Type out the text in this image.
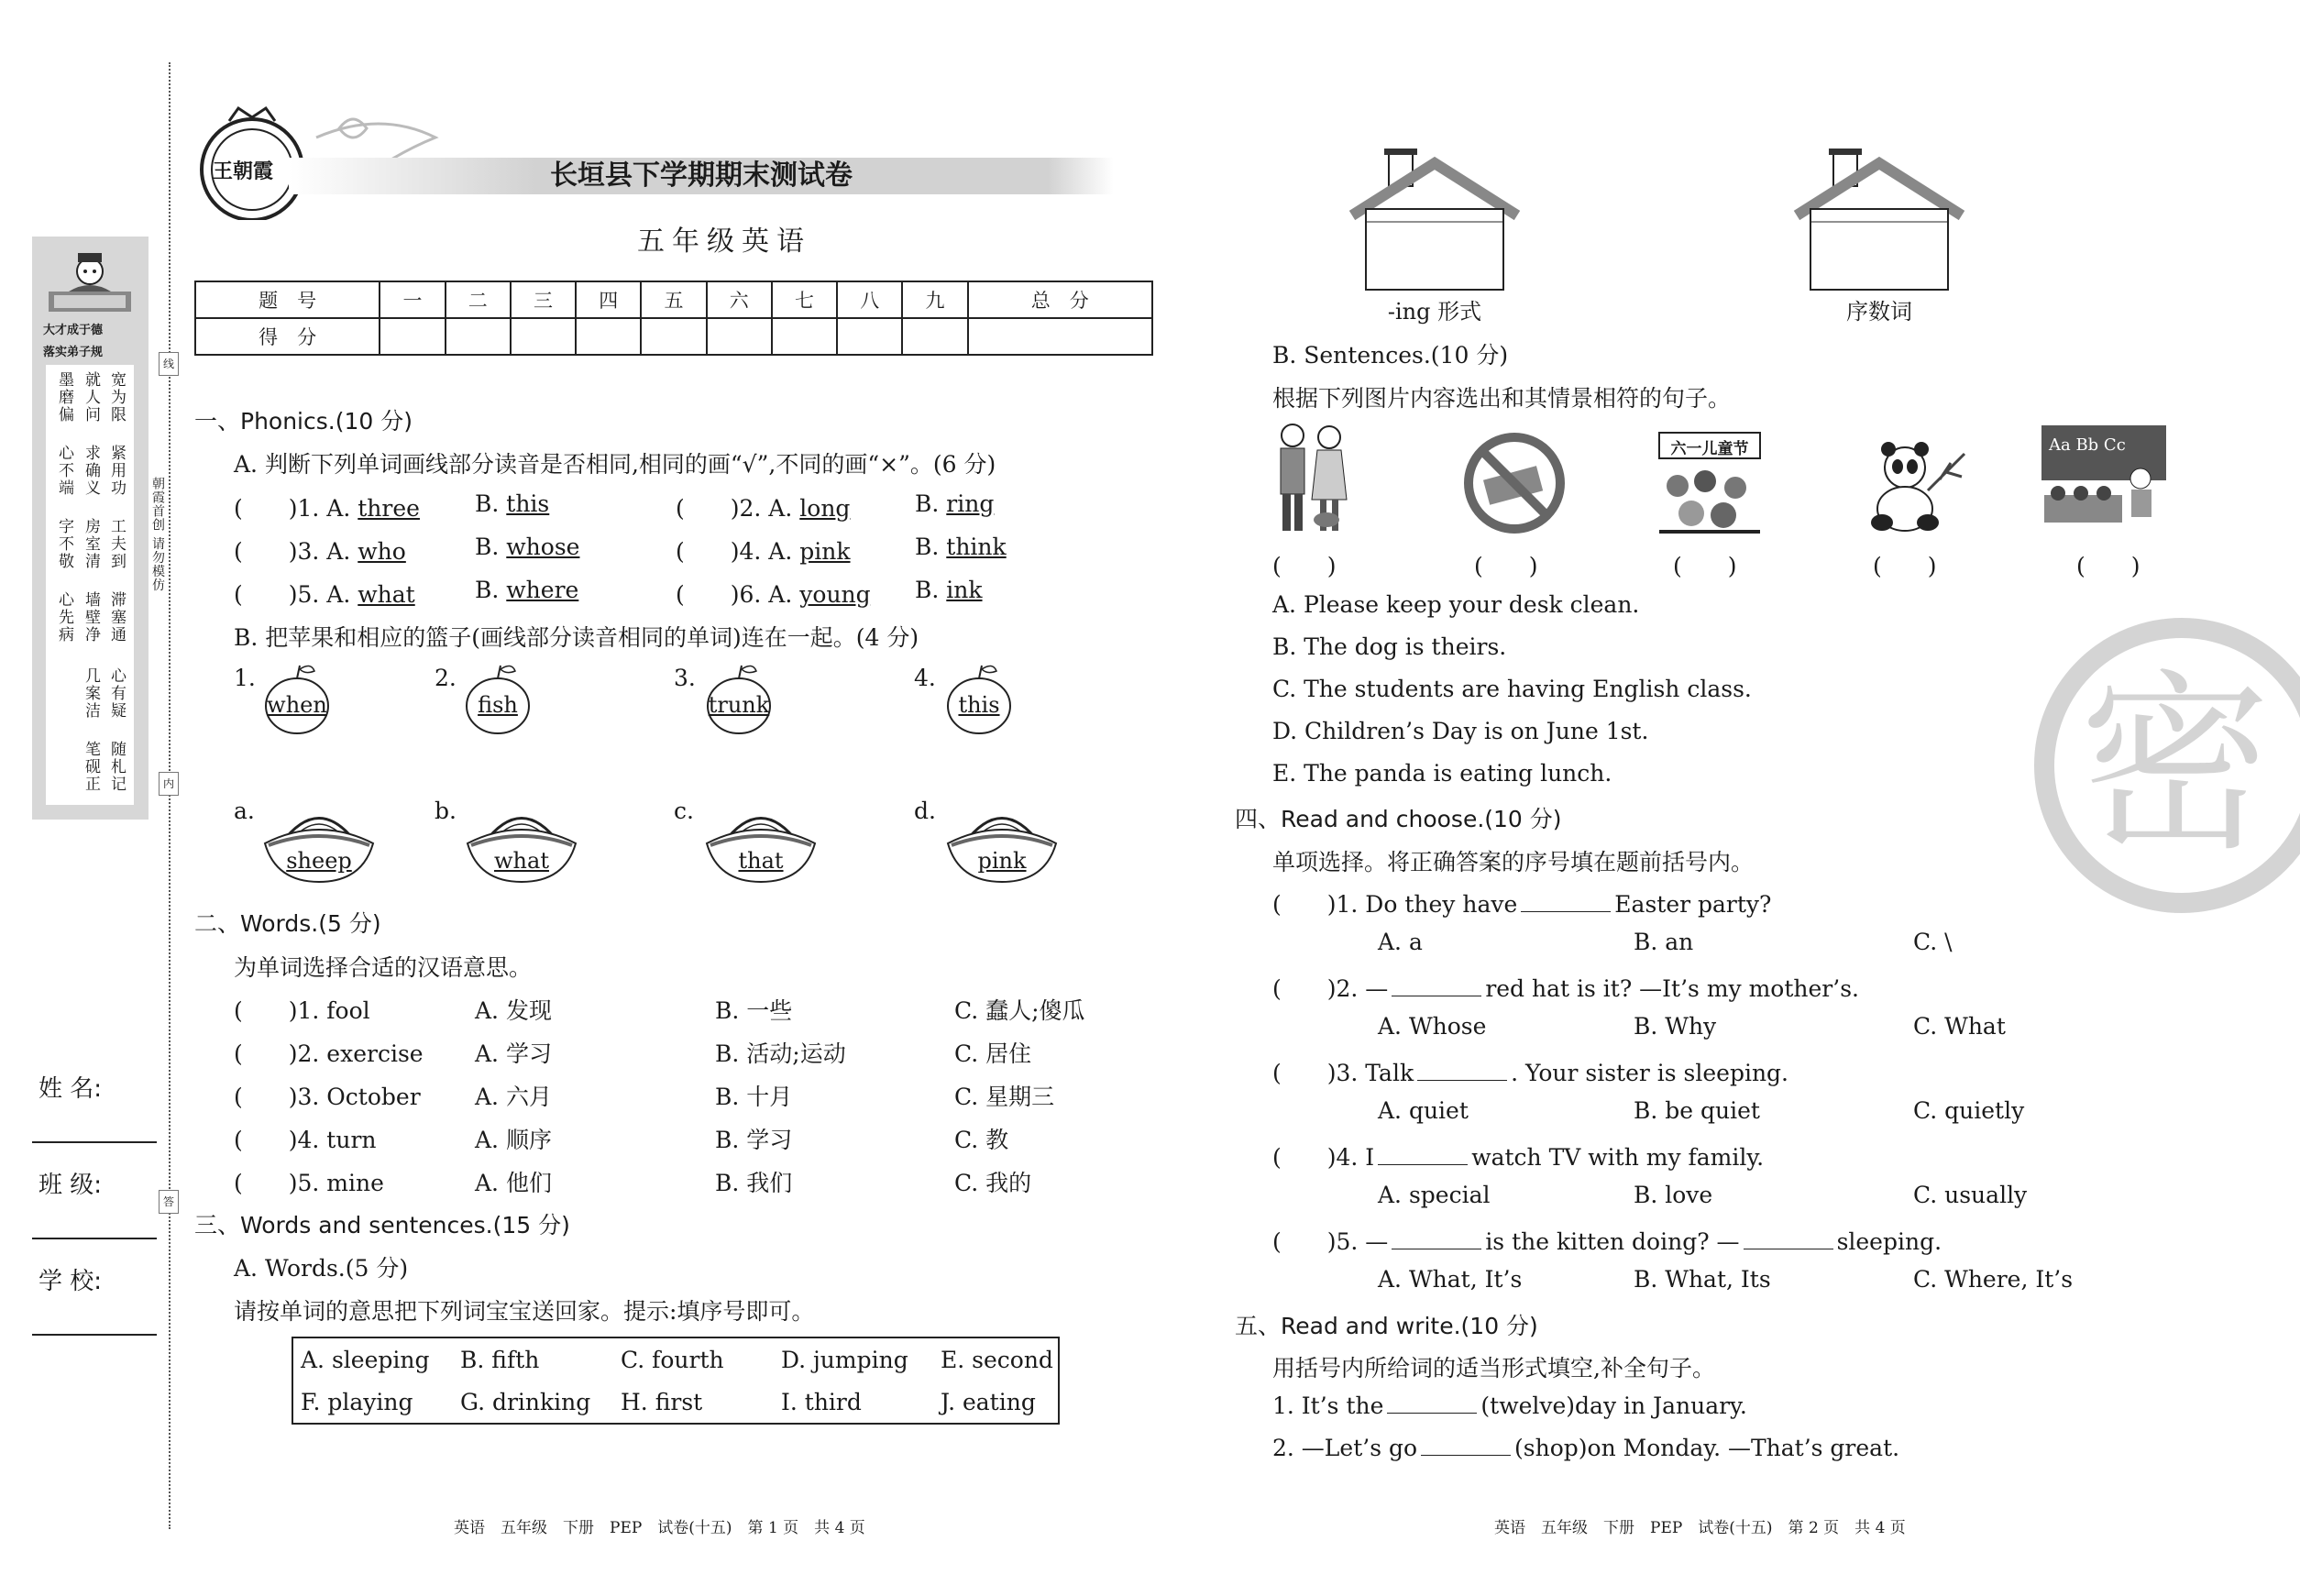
大才成于德
落实弟子规
宽为限
紧用功
就人问
求确义
墨磨偏
心不端
工夫到
滞塞通
房室清
墙壁净
字不敬
心先病
心有疑
随札记
几案洁
笔砚正
朝霞首创 请勿模仿
线
内
答
姓 名:
班 级:
学 校:
王朝霞	长垣县下学期期末测试卷
五年级英语
题　号	一	二	三	四	五	六	七	八	九	总　分
得　分										
一、Phonics.(10 分)
A. 判断下列单词画线部分读音是否相同,相同的画“√”,不同的画“×”。(6 分)
(　　)1. A. three B. this	(　　)2. A. long	B. ring
(　　)3. A. who	B. whose	(　　)4. A. pink	B. think
(　　)5. A. what	B. where	(　　)6. A. young B. ink
B. 把苹果和相应的篮子(画线部分读音相同的单词)连在一起。(4 分)
1.
when
2.
fish
3.
trunk
4.
this
a.
sheep
b.
what
c.
that
d.
pink
二、Words.(5 分)
为单词选择合适的汉语意思。
(　　)1. fool	A. 发现	B. 一些	C. 蠢人;傻瓜
(　　)2. exercise A. 学习	B. 活动;运动	C. 居住
(　　)3. October A. 六月	B. 十月	C. 星期三
(　　)4. turn	A. 顺序	B. 学习	C. 教
(　　)5. mine	A. 他们	B. 我们	C. 我的
三、Words and sentences.(15 分)
A. Words.(5 分)
请按单词的意思把下列词宝宝送回家。提示:填序号即可。
A. sleeping B. fifth	C. fourth D. jumping E. second
F. playing G. drinking H. first	I. third	J. eating
英语　五年级　下册　PEP　试卷(十五)　第 1 页　共 4 页
-ing 形式	序数词
B. Sentences.(10 分)
根据下列图片内容选出和其情景相符的句子。
六一儿童节	Aa Bb Cc
(　　)	(　　)	(　　)	(　　)	(　　)
A. Please keep your desk clean.
B. The dog is theirs.
C. The students are having English class.
D. Children’s Day is on June 1st.
E. The panda is eating lunch. 密
四、Read and choose.(10 分)
单项选择。将正确答案的序号填在题前括号内。
(　　)1. Do they have	Easter party?
A. a	B. an	C. \
(　　)2. —	red hat is it? —It’s my mother’s.
A. Whose	B. Why	C. What
(　　)3. Talk	. Your sister is sleeping.
A. quiet	B. be quiet	C. quietly
(　　)4. I	watch TV with my family.
A. special	B. love	C. usually
(　　)5. —	is the kitten doing? —	sleeping.
A. What, It’s	B. What, Its	C. Where, It’s
五、Read and write.(10 分)
用括号内所给词的适当形式填空,补全句子。
1. It’s the	(twelve)day in January.
2. —Let’s go	(shop)on Monday. —That’s great.
英语　五年级　下册　PEP　试卷(十五)　第 2 页　共 4 页
